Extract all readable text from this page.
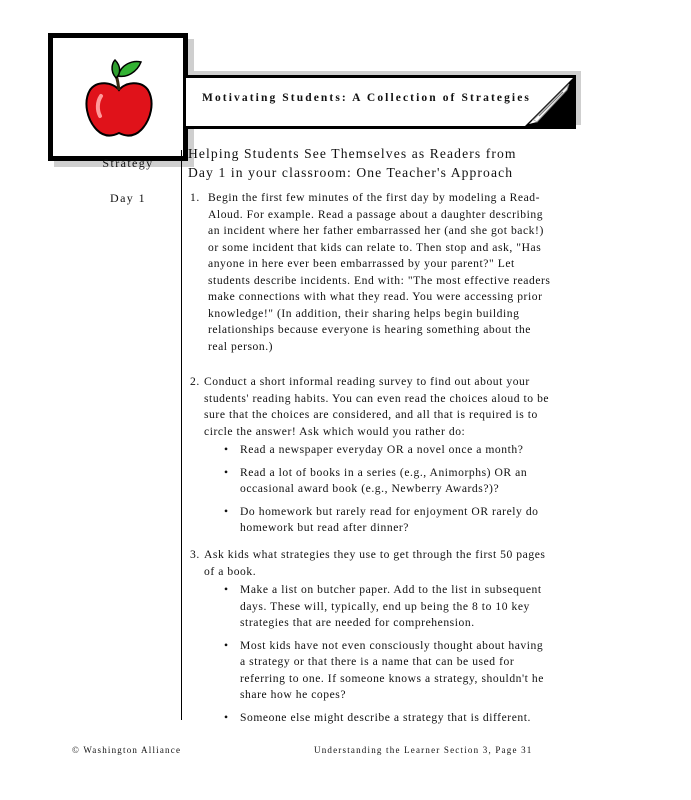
Motivating Students: A Collection of Strategies
Strategy
Day 1
Helping Students See Themselves as Readers from
Day 1 in your classroom: One Teacher's Approach
1. Begin the first few minutes of the first day by modeling a Read-Aloud. For example. Read a passage about a daughter describing an incident where her father embarrassed her (and she got back!) or some incident that kids can relate to. Then stop and ask, "Has anyone in here ever been embarrassed by your parent?" Let students describe incidents. End with: "The most effective readers make connections with what they read. You were accessing prior knowledge!" (In addition, their sharing helps begin building relationships because everyone is hearing something about the real person.)
2. Conduct a short informal reading survey to find out about your students' reading habits. You can even read the choices aloud to be sure that the choices are considered, and all that is required is to circle the answer! Ask which would you rather do:
• Read a newspaper everyday OR a novel once a month?
• Read a lot of books in a series (e.g., Animorphs) OR an occasional award book (e.g., Newberry Awards?)?
• Do homework but rarely read for enjoyment OR rarely do homework but read after dinner?
3. Ask kids what strategies they use to get through the first 50 pages of a book.
• Make a list on butcher paper. Add to the list in subsequent days. These will, typically, end up being the 8 to 10 key strategies that are needed for comprehension.
• Most kids have not even consciously thought about having a strategy or that there is a name that can be used for referring to one. If someone knows a strategy, shouldn't he share how he copes?
• Someone else might describe a strategy that is different.
© Washington Alliance	Understanding the Learner Section 3, Page 31
